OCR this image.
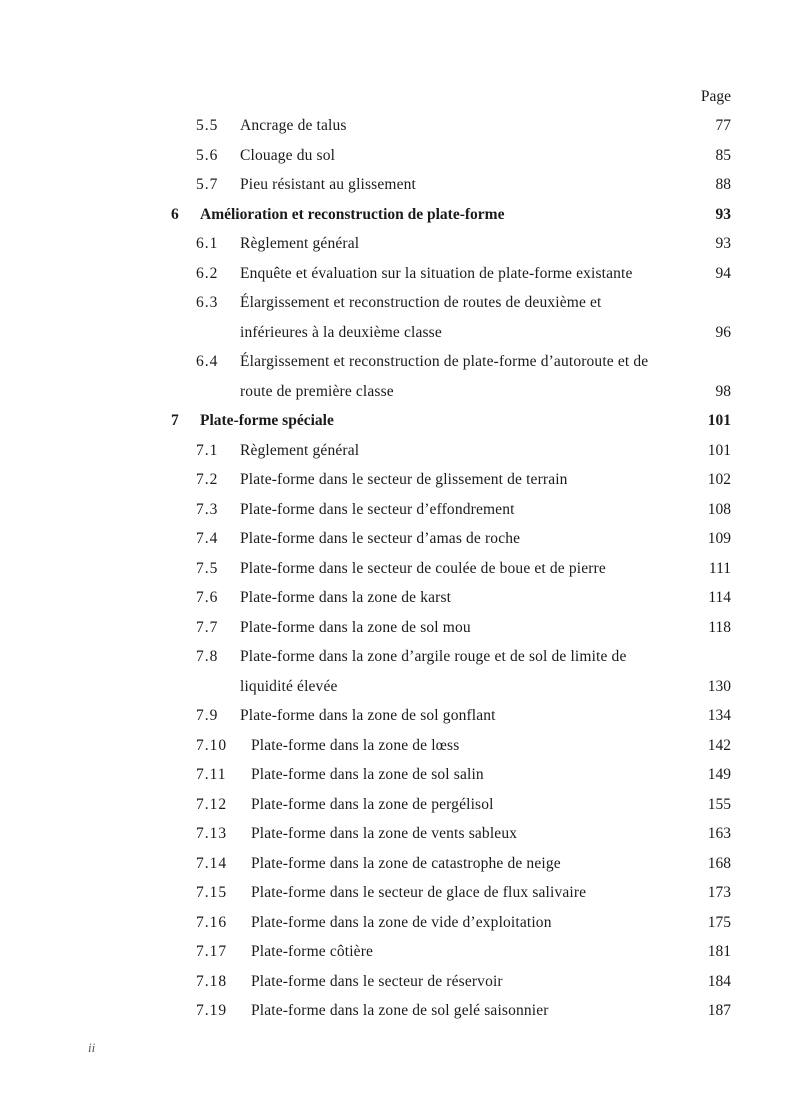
Page
5.5 Ancrage de talus	77
5.6 Clouage du sol	85
5.7 Pieu résistant au glissement	88
6 Amélioration et reconstruction de plate-forme	93
6.1 Règlement général	93
6.2 Enquête et évaluation sur la situation de plate-forme existante	94
6.3 Élargissement et reconstruction de routes de deuxième et
inférieures à la deuxième classe	96
6.4 Élargissement et reconstruction de plate-forme d’autoroute et de
route de première classe	98
7 Plate-forme spéciale	101
7.1 Règlement général	101
7.2 Plate-forme dans le secteur de glissement de terrain	102
7.3 Plate-forme dans le secteur d’effondrement	108
7.4 Plate-forme dans le secteur d’amas de roche	109
7.5 Plate-forme dans le secteur de coulée de boue et de pierre	111
7.6 Plate-forme dans la zone de karst	114
7.7 Plate-forme dans la zone de sol mou	118
7.8 Plate-forme dans la zone d’argile rouge et de sol de limite de
liquidité élevée	130
7.9 Plate-forme dans la zone de sol gonflant	134
7.10 Plate-forme dans la zone de lœss	142
7.11 Plate-forme dans la zone de sol salin	149
7.12 Plate-forme dans la zone de pergélisol	155
7.13 Plate-forme dans la zone de vents sableux	163
7.14 Plate-forme dans la zone de catastrophe de neige	168
7.15 Plate-forme dans le secteur de glace de flux salivaire	173
7.16 Plate-forme dans la zone de vide d’exploitation	175
7.17 Plate-forme côtière	181
7.18 Plate-forme dans le secteur de réservoir	184
7.19 Plate-forme dans la zone de sol gelé saisonnier	187
ii
